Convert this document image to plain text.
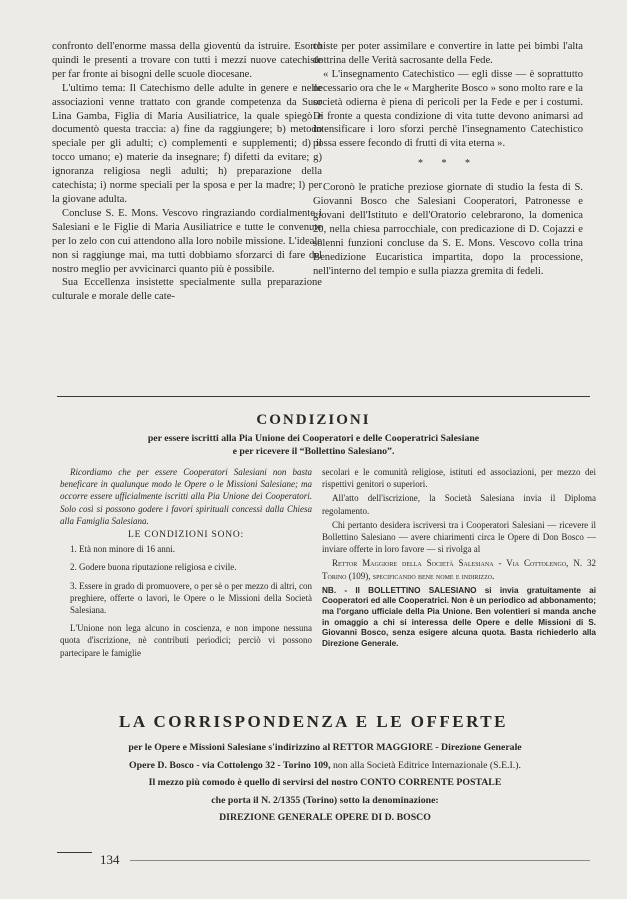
confronto dell'enorme massa della gioventù da istruire. Esortò quindi le presenti a trovare con tutti i mezzi nuove catechiste per far fronte ai bisogni delle scuole diocesane.

L'ultimo tema: Il Catechismo delle adulte in genere e nelle associazioni venne trattato con grande competenza da Suor Lina Gamba, Figlia di Maria Ausiliatrice, la quale spiegò e documentò questa traccia: a) fine da raggiungere; b) metodo speciale per gli adulti; c) complementi e supplementi; d) il tocco umano; e) materie da insegnare; f) difetti da evitare; g) ignoranza religiosa negli adulti; h) preparazione della catechista; i) norme speciali per la sposa e per la madre; l) per la giovane adulta.

Concluse S. E. Mons. Vescovo ringraziando cordialmente i Salesiani e le Figlie di Maria Ausiliatrice e tutte le convenute per lo zelo con cui attendono alla loro nobile missione. L'ideale non si raggiunge mai, ma tutti dobbiamo sforzarci di fare del nostro meglio per avvicinarci quanto più è possibile.

Sua Eccellenza insistette specialmente sulla preparazione culturale e morale delle cate-

chiste per poter assimilare e convertire in latte pei bimbi l'alta dottrina delle Verità sacrosante della Fede.

« L'insegnamento Catechistico — egli disse — è soprattutto necessario ora che le « Margherite Bosco » sono molto rare e la società odierna è piena di pericoli per la Fede e per i costumi. Di fronte a questa condizione di vita tutte devono animarsi ad intensificare i loro sforzi perchè l'insegnamento Catechistico possa essere fecondo di frutti di vita eterna ».

* * *

Coronò le pratiche preziose giornate di studio la festa di S. Giovanni Bosco che Salesiani Cooperatori, Patronesse e giovani dell'Istituto e dell'Oratorio celebrarono, la domenica 20, nella chiesa parrocchiale, con predicazione di D. Cojazzi e solenni funzioni concluse da S. E. Mons. Vescovo colla trina Benedizione Eucaristica impartita, dopo la processione, nell'interno del tempio e sulla piazza gremita di fedeli.

CONDIZIONI
per essere iscritti alla Pia Unione dei Cooperatori e delle Cooperatrici Salesiane
e per ricevere il “Bollettino Salesiano”.

Ricordiamo che per essere Cooperatori Salesiani non basta beneficare in qualunque modo le Opere o le Missioni Salesiane; ma occorre essere ufficialmente iscritti alla Pia Unione dei Cooperatori. Solo così si possono godere i favori spirituali concessi dalla Chiesa alla Famiglia Salesiana.

LE CONDIZIONI SONO:

1. Età non minore di 16 anni.

2. Godere buona riputazione religiosa e civile.

3. Essere in grado di promuovere, o per sè o per mezzo di altri, con preghiere, offerte o lavori, le Opere o le Missioni della Società Salesiana.

L'Unione non lega alcuno in coscienza, e non impone nessuna quota d'iscrizione, nè contributi periodici; perciò vi possono partecipare le famiglie

secolari e le comunità religiose, istituti ed associazioni, per mezzo dei rispettivi genitori o superiori.

All'atto dell'iscrizione, la Società Salesiana invia il Diploma regolamento.

Chi pertanto desidera iscriversi tra i Cooperatori Salesiani — ricevere il Bollettino Salesiano — avere chiarimenti circa le Opere di Don Bosco — inviare offerte in loro favore — si rivolga al

Rettor Maggiore della Società Salesiana - Via Cottolengo, N. 32 Torino (109), specificando bene nome e indirizzo.

NB. - Il BOLLETTINO SALESIANO si invia gratuitamente ai Cooperatori ed alle Cooperatrici. Non è un periodico ad abbonamento; ma l'organo ufficiale della Pia Unione. Ben volentieri si manda anche in omaggio a chi si interessa delle Opere e delle Missioni di S. Giovanni Bosco, senza esigere alcuna quota. Basta richiederlo alla Direzione Generale.

LA CORRISPONDENZA E LE OFFERTE
per le Opere e Missioni Salesiane s'indirizzino al RETTOR MAGGIORE - Direzione Generale
Opere D. Bosco - via Cottolengo 32 - Torino 109, non alla Società Editrice Internazionale (S.E.I.).
Il mezzo più comodo è quello di servirsi del nostro CONTO CORRENTE POSTALE
che porta il N. 2/1355 (Torino) sotto la denominazione:
DIREZIONE GENERALE OPERE DI D. BOSCO
134
